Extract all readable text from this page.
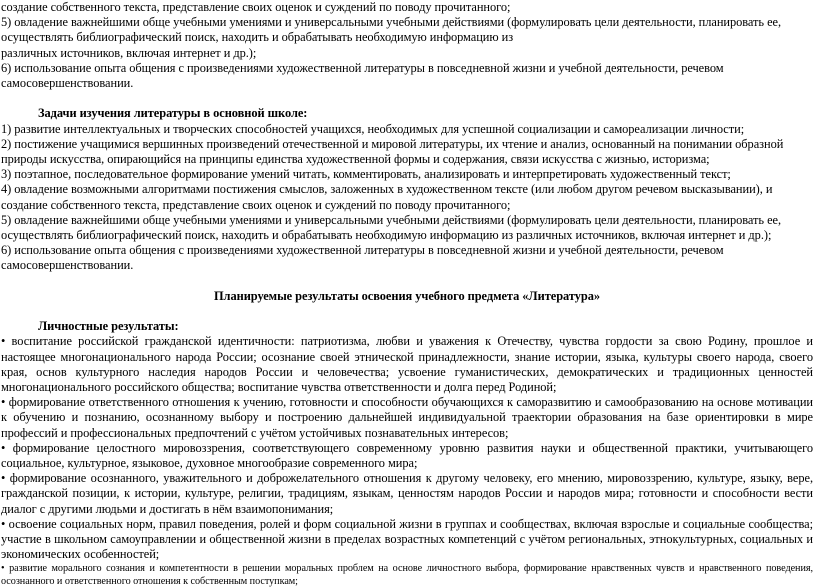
создание собственного текста, представление своих оценок и суждений по поводу прочитанного;

5) овладение важнейшими обще учебными умениями и универсальными учебными действиями (формулировать цели деятельности, планировать ее,

осуществлять библиографический поиск, находить и обрабатывать необходимую информацию из

различных источников, включая интернет и др.);

6) использование опыта общения с произведениями художественной литературы в повседневной жизни и учебной деятельности, речевом

самосовершенствовании.

Задачи изучения литературы в основной школе:

1) развитие интеллектуальных и творческих способностей учащихся, необходимых для успешной социализации и самореализации личности;

2) постижение учащимися вершинных произведений отечественной и мировой литературы, их чтение и анализ, основанный на понимании образной природы искусства, опирающийся на принципы единства художественной формы и содержания, связи искусства с жизнью, историзма;

3) поэтапное, последовательное формирование умений читать, комментировать, анализировать и интерпретировать художественный текст;

4) овладение возможными алгоритмами постижения смыслов, заложенных в художественном тексте (или любом другом речевом высказывании), и создание собственного текста, представление своих оценок и суждений по поводу прочитанного;

5) овладение важнейшими обще учебными умениями и универсальными учебными действиями (формулировать цели деятельности, планировать ее, осуществлять библиографический поиск, находить и обрабатывать необходимую информацию из различных источников, включая интернет и др.);

6) использование опыта общения с произведениями художественной литературы в повседневной жизни и учебной деятельности, речевом самосовершенствовании.

Планируемые результаты освоения учебного предмета «Литература»

Личностные результаты:

• воспитание российской гражданской идентичности: патриотизма, любви и уважения к Отечеству, чувства гордости за свою Родину, прошлое и настоящее многонационального народа России; осознание своей этнической принадлежности, знание истории, языка, культуры своего народа, своего края, основ культурного наследия народов России и человечества; усвоение гуманистических, демократических и традиционных ценностей многонационального российского общества; воспитание чувства ответственности и долга перед Родиной;

• формирование ответственного отношения к учению, готовности и способности обучающихся к саморазвитию и самообразованию на основе мотивации к обучению и познанию, осознанному выбору и построению дальнейшей индивидуальной траектории образования на базе ориентировки в мире профессий и профессиональных предпочтений с учётом устойчивых познавательных интересов;

• формирование целостного мировоззрения, соответствующего современному уровню развития науки и общественной практики, учитывающего социальное, культурное, языковое, духовное многообразие современного мира;

• формирование осознанного, уважительного и доброжелательного отношения к другому человеку, его мнению, мировоззрению, культуре, языку, вере, гражданской позиции, к истории, культуре, религии, традициям, языкам, ценностям народов России и народов мира; готовности и способности вести диалог с другими людьми и достигать в нём взаимопонимания;

• освоение социальных норм, правил поведения, ролей и форм социальной жизни в группах и сообществах, включая взрослые и социальные сообщества; участие в школьном самоуправлении и общественной жизни в пределах возрастных компетенций с учётом региональных, этнокультурных, социальных и экономических особенностей;

• развитие морального сознания и компетентности в решении моральных проблем на основе личностного выбора, формирование нравственных чувств и нравственного поведения, осознанного и ответственного отношения к собственным поступкам;
